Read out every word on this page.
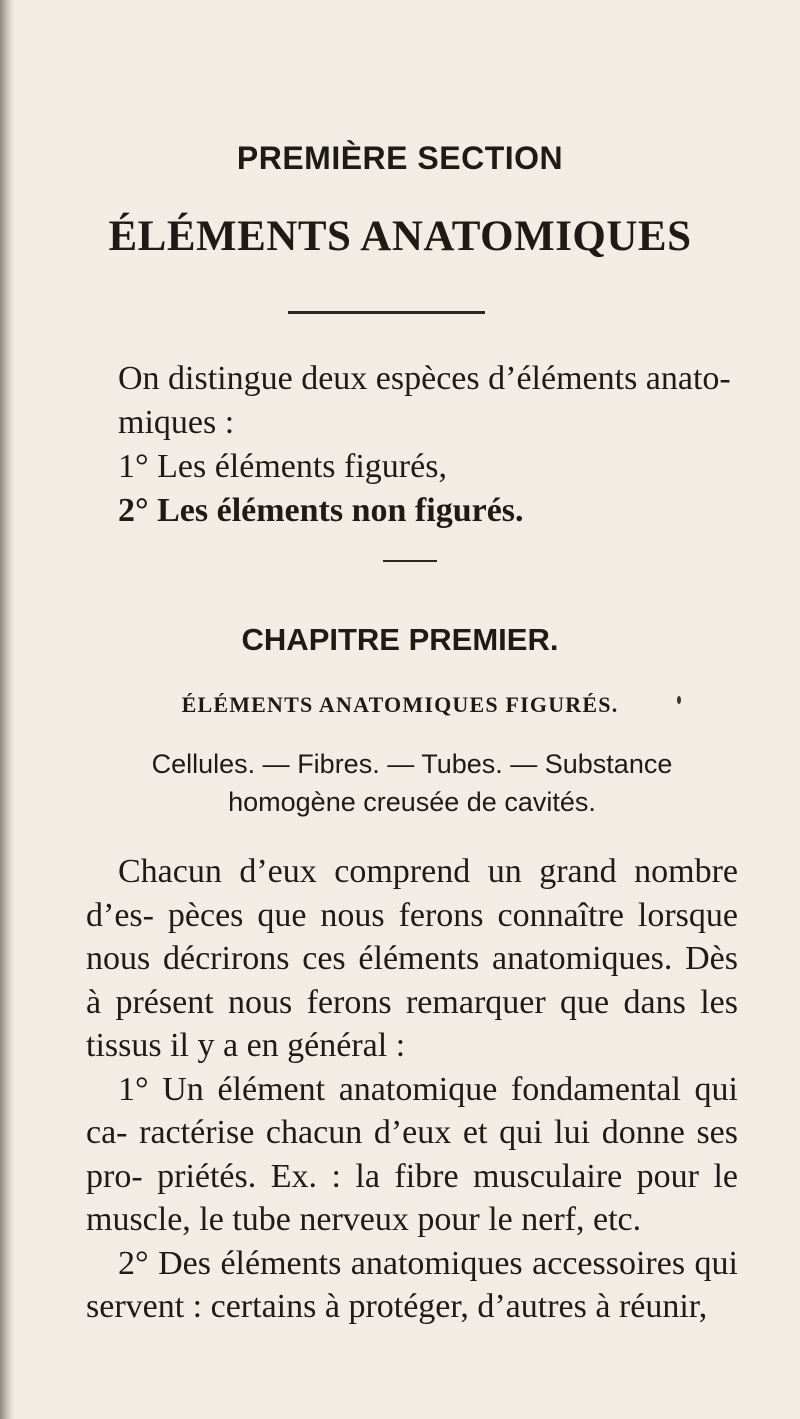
PREMIÈRE SECTION
ÉLÉMENTS ANATOMIQUES
On distingue deux espèces d’éléments anato- miques :
1° Les éléments figurés,
2° Les éléments non figurés.
CHAPITRE PREMIER.
ÉLÉMENTS ANATOMIQUES FIGURÉS.
Cellules. — Fibres. — Tubes. — Substance homogène creusée de cavités.

Chacun d’eux comprend un grand nombre d’es- pèces que nous ferons connaître lorsque nous décrirons ces éléments anatomiques. Dès à présent nous ferons remarquer que dans les tissus il y a en général :

1° Un élément anatomique fondamental qui ca- ractérise chacun d’eux et qui lui donne ses pro- priétés. Ex. : la fibre musculaire pour le muscle, le tube nerveux pour le nerf, etc.

2° Des éléments anatomiques accessoires qui servent : certains à protéger, d’autres à réunir,
